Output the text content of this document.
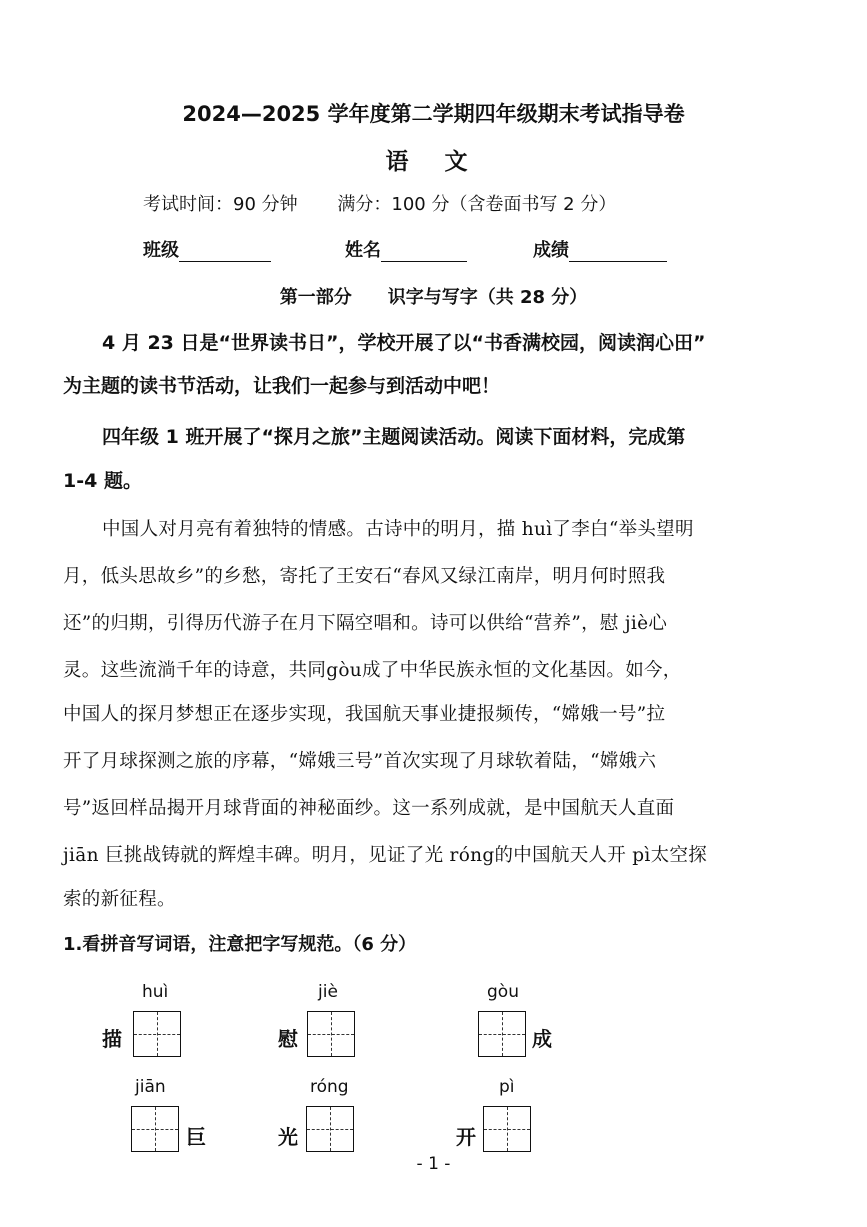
2024—2025 学年度第二学期四年级期末考试指导卷
语 文
考试时间：90 分钟 满分：100 分（含卷面书写 2 分）
班级	姓名	成绩
第一部分 识字与写字（共 28 分）
4 月 23 日是“世界读书日”，学校开展了以“书香满校园，阅读润心田”
为主题的读书节活动，让我们一起参与到活动中吧！
四年级 1 班开展了“探月之旅”主题阅读活动。阅读下面材料，完成第
1-4 题。
中国人对月亮有着独特的情感。古诗中的明月，描 huì了李白“举头望明
月，低头思故乡”的乡愁，寄托了王安石“春风又绿江南岸，明月何时照我
还”的归期，引得历代游子在月下隔空唱和。诗可以供给“营养”，慰 jiè心
灵。这些流淌千年的诗意，共同gòu成了中华民族永恒的文化基因。如今，
中国人的探月梦想正在逐步实现，我国航天事业捷报频传，“嫦娥一号”拉
开了月球探测之旅的序幕，“嫦娥三号”首次实现了月球软着陆，“嫦娥六
号”返回样品揭开月球背面的神秘面纱。这一系列成就，是中国航天人直面
jiān 巨挑战铸就的辉煌丰碑。明月，见证了光 róng的中国航天人开 pì太空探
索的新征程。
1.看拼音写词语，注意把字写规范。（6 分）
huì
描
jiè
慰
gòu
成
jiān
巨
róng
光
pì
开
- 1 -
